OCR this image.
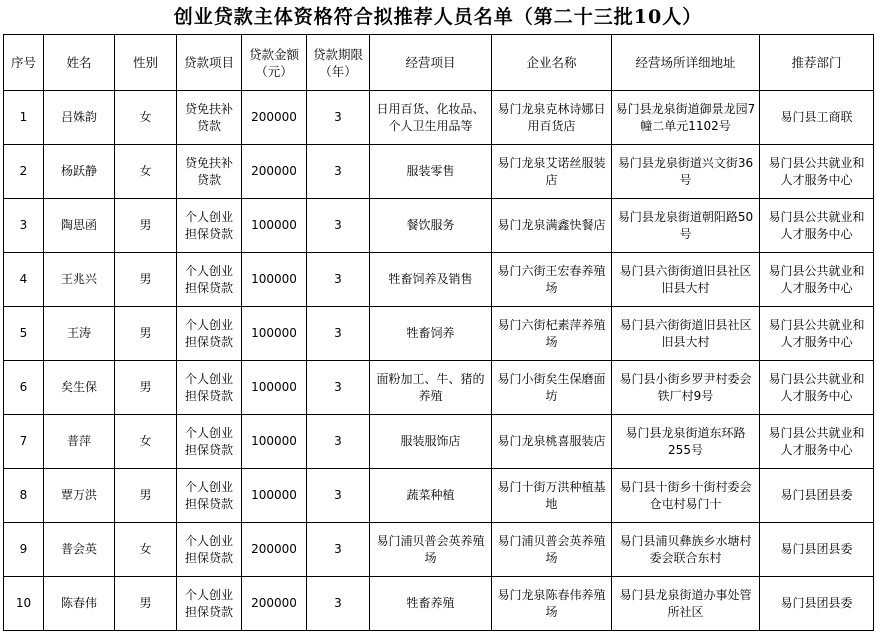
创业贷款主体资格符合拟推荐人员名单（第二十三批10人）
序号	姓名	性别	贷款项目	贷款金额（元）	贷款期限（年）	经营项目	企业名称	经营场所详细地址	推荐部门
1	吕姝韵	女	贷免扶补贷款	200000	3	日用百货、化妆品、个人卫生用品等	易门龙泉克林诗娜日用百货店	易门县龙泉街道御景龙园7幢二单元1102号	易门县工商联
2	杨跃静	女	贷免扶补贷款	200000	3	服装零售	易门龙泉艾诺丝服装店	易门县龙泉街道兴文街36号	易门县公共就业和人才服务中心
3	陶思函	男	个人创业担保贷款	100000	3	餐饮服务	易门龙泉满鑫快餐店	易门县龙泉街道朝阳路50号	易门县公共就业和人才服务中心
4	王兆兴	男	个人创业担保贷款	100000	3	牲畜饲养及销售	易门六街王宏春养殖场	易门县六街街道旧县社区旧县大村	易门县公共就业和人才服务中心
5	王涛	男	个人创业担保贷款	100000	3	牲畜饲养	易门六街杞素萍养殖场	易门县六街街道旧县社区旧县大村	易门县公共就业和人才服务中心
6	矣生保	男	个人创业担保贷款	100000	3	面粉加工、牛、猪的养殖	易门小街矣生保磨面坊	易门县小街乡罗尹村委会铁厂村9号	易门县公共就业和人才服务中心
7	普萍	女	个人创业担保贷款	100000	3	服装服饰店	易门龙泉桃喜服装店	易门县龙泉街道东环路255号	易门县公共就业和人才服务中心
8	覃万洪	男	个人创业担保贷款	100000	3	蔬菜种植	易门十街万洪种植基地	易门县十街乡十街村委会仓屯村易门十	易门县团县委
9	普会英	女	个人创业担保贷款	200000	3	易门浦贝普会英养殖场	易门浦贝普会英养殖场	易门县浦贝彝族乡水塘村委会联合东村	易门县团县委
10	陈春伟	男	个人创业担保贷款	200000	3	牲畜养殖	易门龙泉陈春伟养殖场	易门县龙泉街道办事处管所社区	易门县团县委
